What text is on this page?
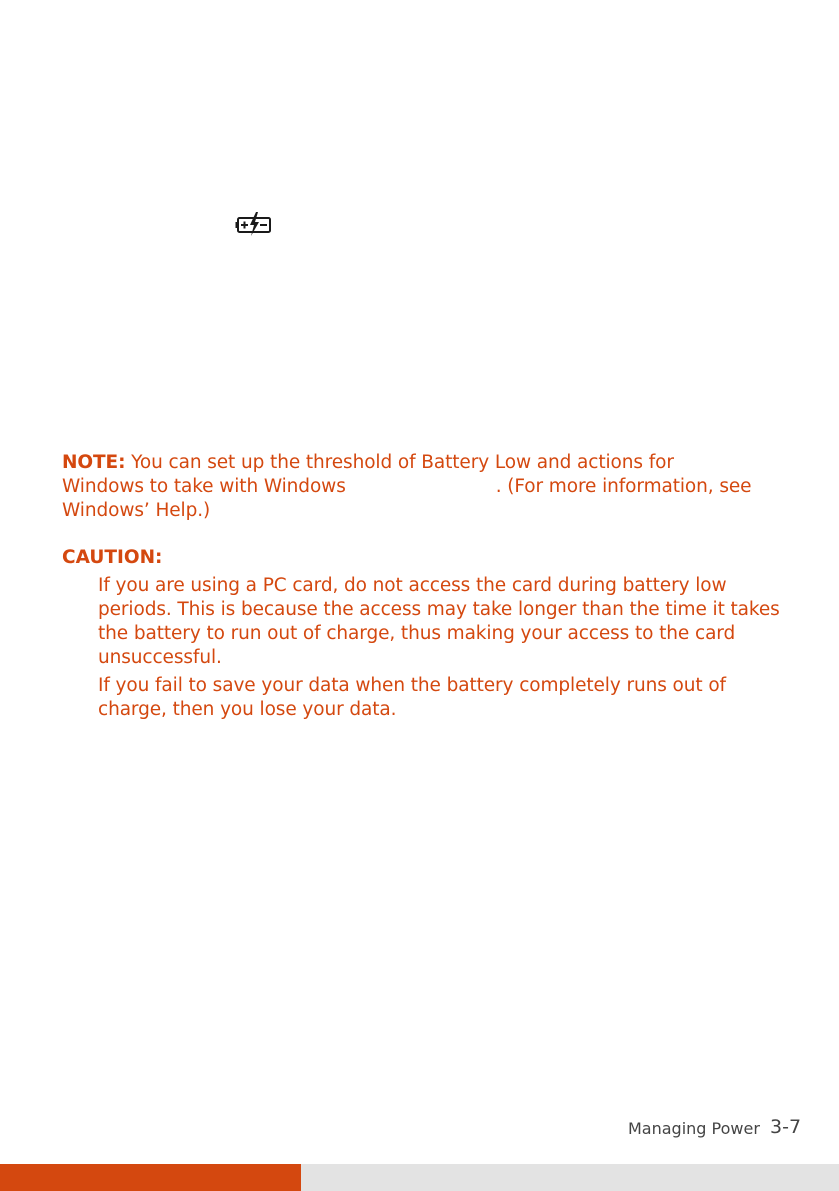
NOTE: You can set up the threshold of Battery Low and actions for
Windows to take with Windows	. (For more information, see
Windows’ Help.)
CAUTION:
If you are using a PC card, do not access the card during battery low
periods. This is because the access may take longer than the time it takes
the battery to run out of charge, thus making your access to the card
unsuccessful.
If you fail to save your data when the battery completely runs out of
charge, then you lose your data.
Managing Power 3-7
